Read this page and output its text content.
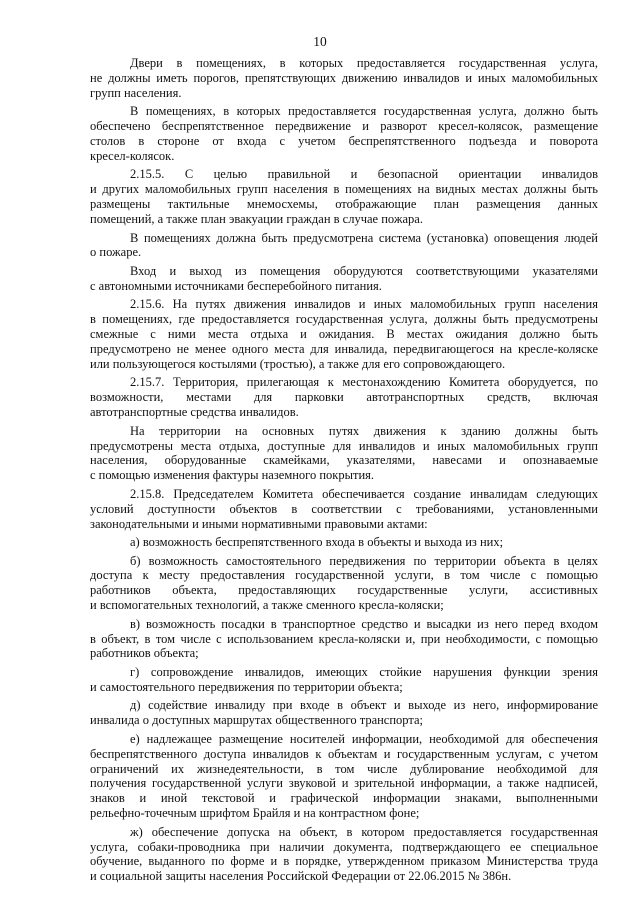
10

Двери в помещениях, в которых предоставляется государственная услуга,
не должны иметь порогов, препятствующих движению инвалидов и иных маломобильных
групп населения.

В помещениях, в которых предоставляется государственная услуга, должно быть
обеспечено беспрепятственное передвижение и разворот кресел-колясок, размещение
столов в стороне от входа с учетом беспрепятственного подъезда и поворота
кресел-колясок.

2.15.5. С целью правильной и безопасной ориентации инвалидов
и других маломобильных групп населения в помещениях на видных местах должны быть
размещены тактильные мнемосхемы, отображающие план размещения данных
помещений, а также план эвакуации граждан в случае пожара.

В помещениях должна быть предусмотрена система (установка) оповещения людей
о пожаре.

Вход и выход из помещения оборудуются соответствующими указателями
с автономными источниками бесперебойного питания.

2.15.6. На путях движения инвалидов и иных маломобильных групп населения
в помещениях, где предоставляется государственная услуга, должны быть предусмотрены
смежные с ними места отдыха и ожидания. В местах ожидания должно быть
предусмотрено не менее одного места для инвалида, передвигающегося на кресле-коляске
или пользующегося костылями (тростью), а также для его сопровождающего.

2.15.7. Территория, прилегающая к местонахождению Комитета оборудуется, по
возможности, местами для парковки автотранспортных средств, включая
автотранспортные средства инвалидов.

На территории на основных путях движения к зданию должны быть
предусмотрены места отдыха, доступные для инвалидов и иных маломобильных групп
населения, оборудованные скамейками, указателями, навесами и опознаваемые
с помощью изменения фактуры наземного покрытия.

2.15.8. Председателем Комитета обеспечивается создание инвалидам следующих
условий доступности объектов в соответствии с требованиями, установленными
законодательными и иными нормативными правовыми актами:

а) возможность беспрепятственного входа в объекты и выхода из них;

б) возможность самостоятельного передвижения по территории объекта в целях
доступа к месту предоставления государственной услуги, в том числе с помощью
работников объекта, предоставляющих государственные услуги, ассистивных
и вспомогательных технологий, а также сменного кресла-коляски;

в) возможность посадки в транспортное средство и высадки из него перед входом
в объект, в том числе с использованием кресла-коляски и, при необходимости, с помощью
работников объекта;

г) сопровождение инвалидов, имеющих стойкие нарушения функции зрения
и самостоятельного передвижения по территории объекта;

д) содействие инвалиду при входе в объект и выходе из него, информирование
инвалида о доступных маршрутах общественного транспорта;

е) надлежащее размещение носителей информации, необходимой для обеспечения
беспрепятственного доступа инвалидов к объектам и государственным услугам, с учетом
ограничений их жизнедеятельности, в том числе дублирование необходимой для
получения государственной услуги звуковой и зрительной информации, а также надписей,
знаков и иной текстовой и графической информации знаками, выполненными
рельефно-точечным шрифтом Брайля и на контрастном фоне;

ж) обеспечение допуска на объект, в котором предоставляется государственная
услуга, собаки-проводника при наличии документа, подтверждающего ее специальное
обучение, выданного по форме и в порядке, утвержденном приказом Министерства труда
и социальной защиты населения Российской Федерации от 22.06.2015 № 386н.
